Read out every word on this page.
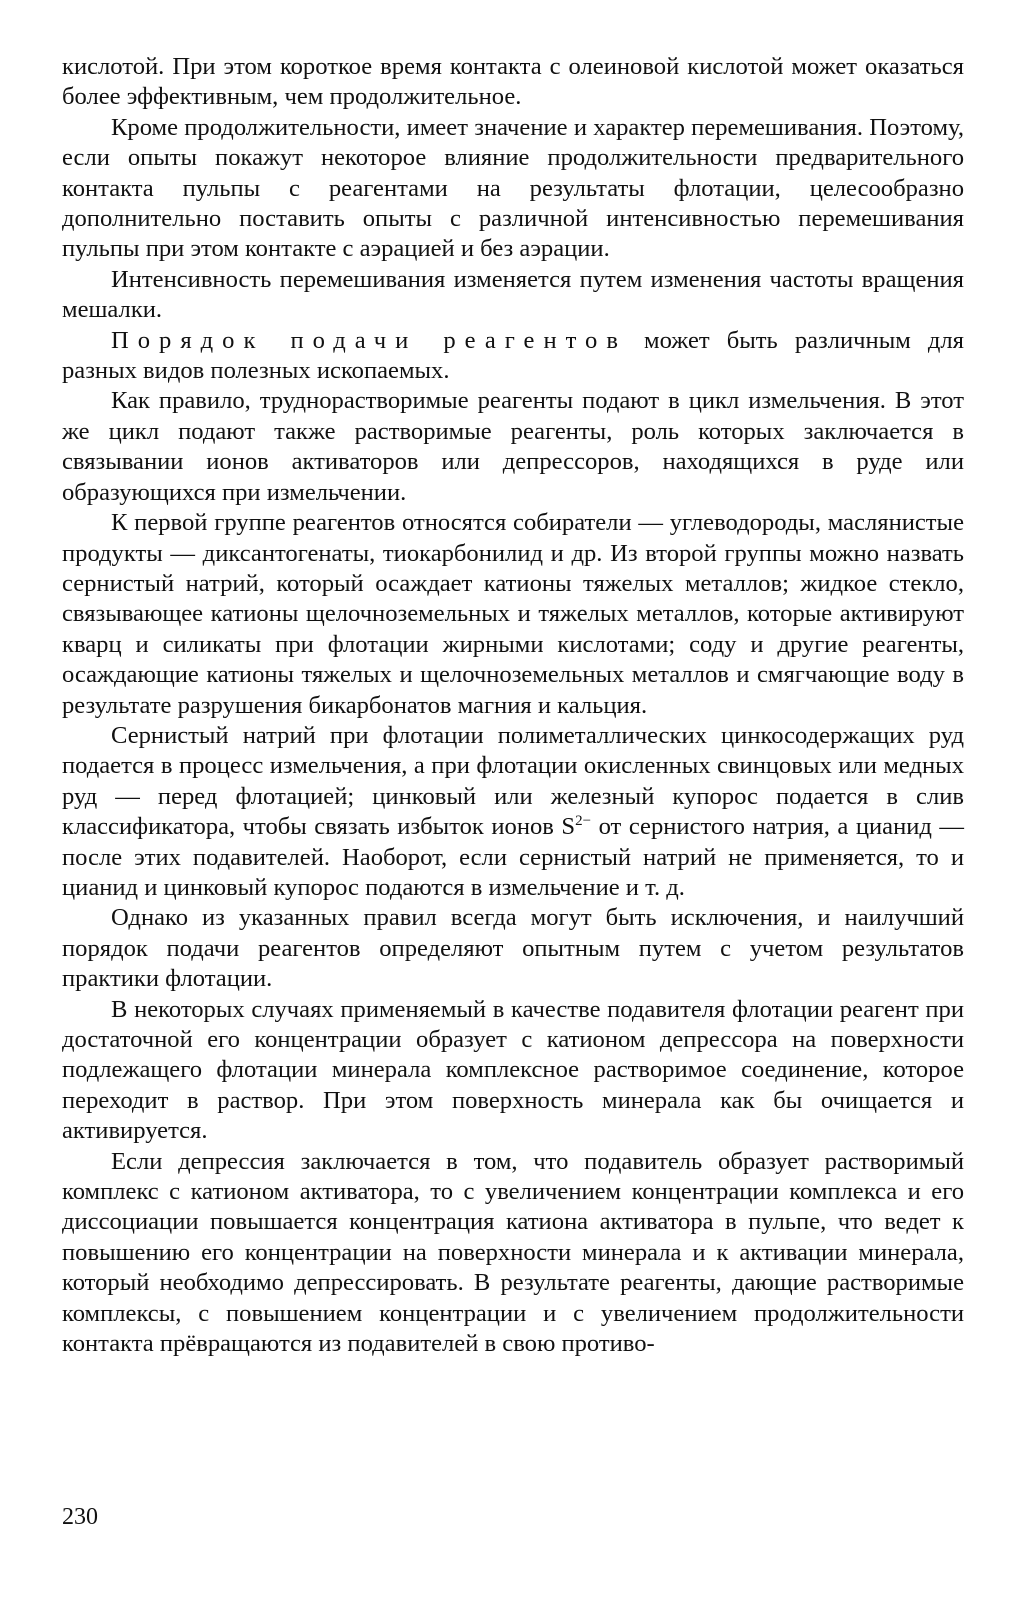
кислотой. При этом короткое время контакта с олеиновой кислотой может оказаться более эффективным, чем продолжительное.

Кроме продолжительности, имеет значение и характер перемешивания. Поэтому, если опыты покажут некоторое влияние продолжительности предварительного контакта пульпы с реагентами на результаты флотации, целесообразно дополнительно поставить опыты с различной интенсивностью перемешивания пульпы при этом контакте с аэрацией и без аэрации.

Интенсивность перемешивания изменяется путем изменения частоты вращения мешалки.

Порядок подачи реагентов может быть различным для разных видов полезных ископаемых.

Как правило, труднорастворимые реагенты подают в цикл измельчения. В этот же цикл подают также растворимые реагенты, роль которых заключается в связывании ионов активаторов или депрессоров, находящихся в руде или образующихся при измельчении.

К первой группе реагентов относятся собиратели — углеводороды, маслянистые продукты — диксантогенаты, тиокарбонилид и др. Из второй группы можно назвать сернистый натрий, который осаждает катионы тяжелых металлов; жидкое стекло, связывающее катионы щелочноземельных и тяжелых металлов, которые активируют кварц и силикаты при флотации жирными кислотами; соду и другие реагенты, осаждающие катионы тяжелых и щелочноземельных металлов и смягчающие воду в результате разрушения бикарбонатов магния и кальция.

Сернистый натрий при флотации полиметаллических цинкосодержащих руд подается в процесс измельчения, а при флотации окисленных свинцовых или медных руд — перед флотацией; цинковый или железный купорос подается в слив классификатора, чтобы связать избыток ионов $S^{2-}$ от сернистого натрия, а цианид — после этих подавителей. Наоборот, если сернистый натрий не применяется, то и цианид и цинковый купорос подаются в измельчение и т. д.

Однако из указанных правил всегда могут быть исключения, и наилучший порядок подачи реагентов определяют опытным путем с учетом результатов практики флотации.

В некоторых случаях применяемый в качестве подавителя флотации реагент при достаточной его концентрации образует с катионом депрессора на поверхности подлежащего флотации минерала комплексное растворимое соединение, которое переходит в раствор. При этом поверхность минерала как бы очищается и активируется.

Если депрессия заключается в том, что подавитель образует растворимый комплекс с катионом активатора, то с увеличением концентрации комплекса и его диссоциации повышается концентрация катиона активатора в пульпе, что ведет к повышению его концентрации на поверхности минерала и к активации минерала, который необходимо депрессировать. В результате реагенты, дающие растворимые комплексы, с повышением концентрации и с увеличением продолжительности контакта прёвращаются из подавителей в свою противо-

230
